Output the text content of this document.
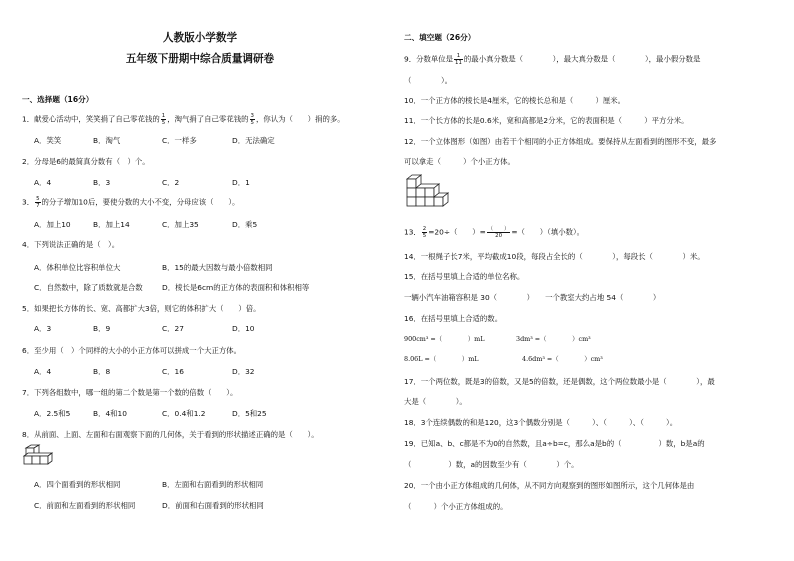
人教版小学数学
五年级下册期中综合质量调研卷
一、选择题（16分）
1．献爱心活动中，笑笑捐了自己零花钱的 $\frac{1}{5}$ ，淘气捐了自己零花钱的 $\frac{3}{5}$ ，你认为（　　）捐的多。
A．笑笑	B．淘气	C．一样多	D．无法确定
2．分母是6的最简真分数有（　）个。
A．4	B．3	C．2	D．1
3． $\frac{5}{7}$ 的分子增加10后，要使分数的大小不变，分母应该（　　）。
A．加上10	B．加上14	C．加上35	D．乘5
4．下列说法正确的是（　）。
A．体积单位比容积单位大	B．15的最大因数与最小倍数相同
C．自然数中，除了质数就是合数	D．棱长是6cm的正方体的表面积和体积相等
5．如果把长方体的长、宽、高都扩大3倍，则它的体积扩大（　　）倍。
A．3	B．9	C．27	D．10
6．至少用（　）个同样的大小的小正方体可以拼成一个大正方体。
A．4	B．8	C．16	D．32
7．下列各组数中，哪一组的第二个数是第一个数的倍数（　　）。
A．2.5和5	B．4和10	C．0.4和1.2	D．5和25
8．从前面、上面、左面和右面观察下面的几何体，关于看到的形状描述正确的是（　　）。
A．四个面看到的形状相同	B．左面和右面看到的形状相同
C．前面和左面看到的形状相同	D．前面和右面看到的形状相同
二、填空题（26分）
9．分数单位是 $\frac{1}{11}$ 的最小真分数是（　　　　），最大真分数是（　　　　），最小假分数是
（　　　　）。
10．一个正方体的棱长是4厘米，它的棱长总和是（　　　）厘米。
11．一个长方体的长是0.6米，宽和高都是2分米，它的表面积是（　　　）平方分米。
12．一个立体图形（如图）由若干个相同的小正方体组成。要保持从左面看到的图形不变，最多
可以拿走（　　　）个小正方体。
13． $\frac{2}{5} =20\div$（　　）= $\frac{( )}{20}$ =（　　）（填小数）。
14．一根绳子长7米，平均截成10段，每段占全长的（　　　　），每段长（　　　　）米。
15．在括号里填上合适的单位名称。
一辆小汽车油箱容积是 30（　　　　）　　一个教室大约占地 54（　　　　）
16．在括号里填上合适的数。
900cm³ =（　　　　）mL	3dm³ =（　　　　）cm³
8.06L =（　　　　）mL	4.6dm³ =（　　　　）cm³
17．一个两位数，既是3的倍数，又是5的倍数，还是偶数，这个两位数最小是（　　　　），最
大是（　　　　）。
18．3个连续偶数的和是120，这3个偶数分别是（　　　）、（　　　）、（　　　）。
19．已知a、b、c都是不为0的自然数，且a÷b=c，那么a是b的（　　　　　）数，b是a的
（　　　　　）数，a的因数至少有（　　　　）个。
20．一个由小正方体组成的几何体，从不同方向观察到的图形如图所示，这个几何体是由
（　　　）个小正方体组成的。
